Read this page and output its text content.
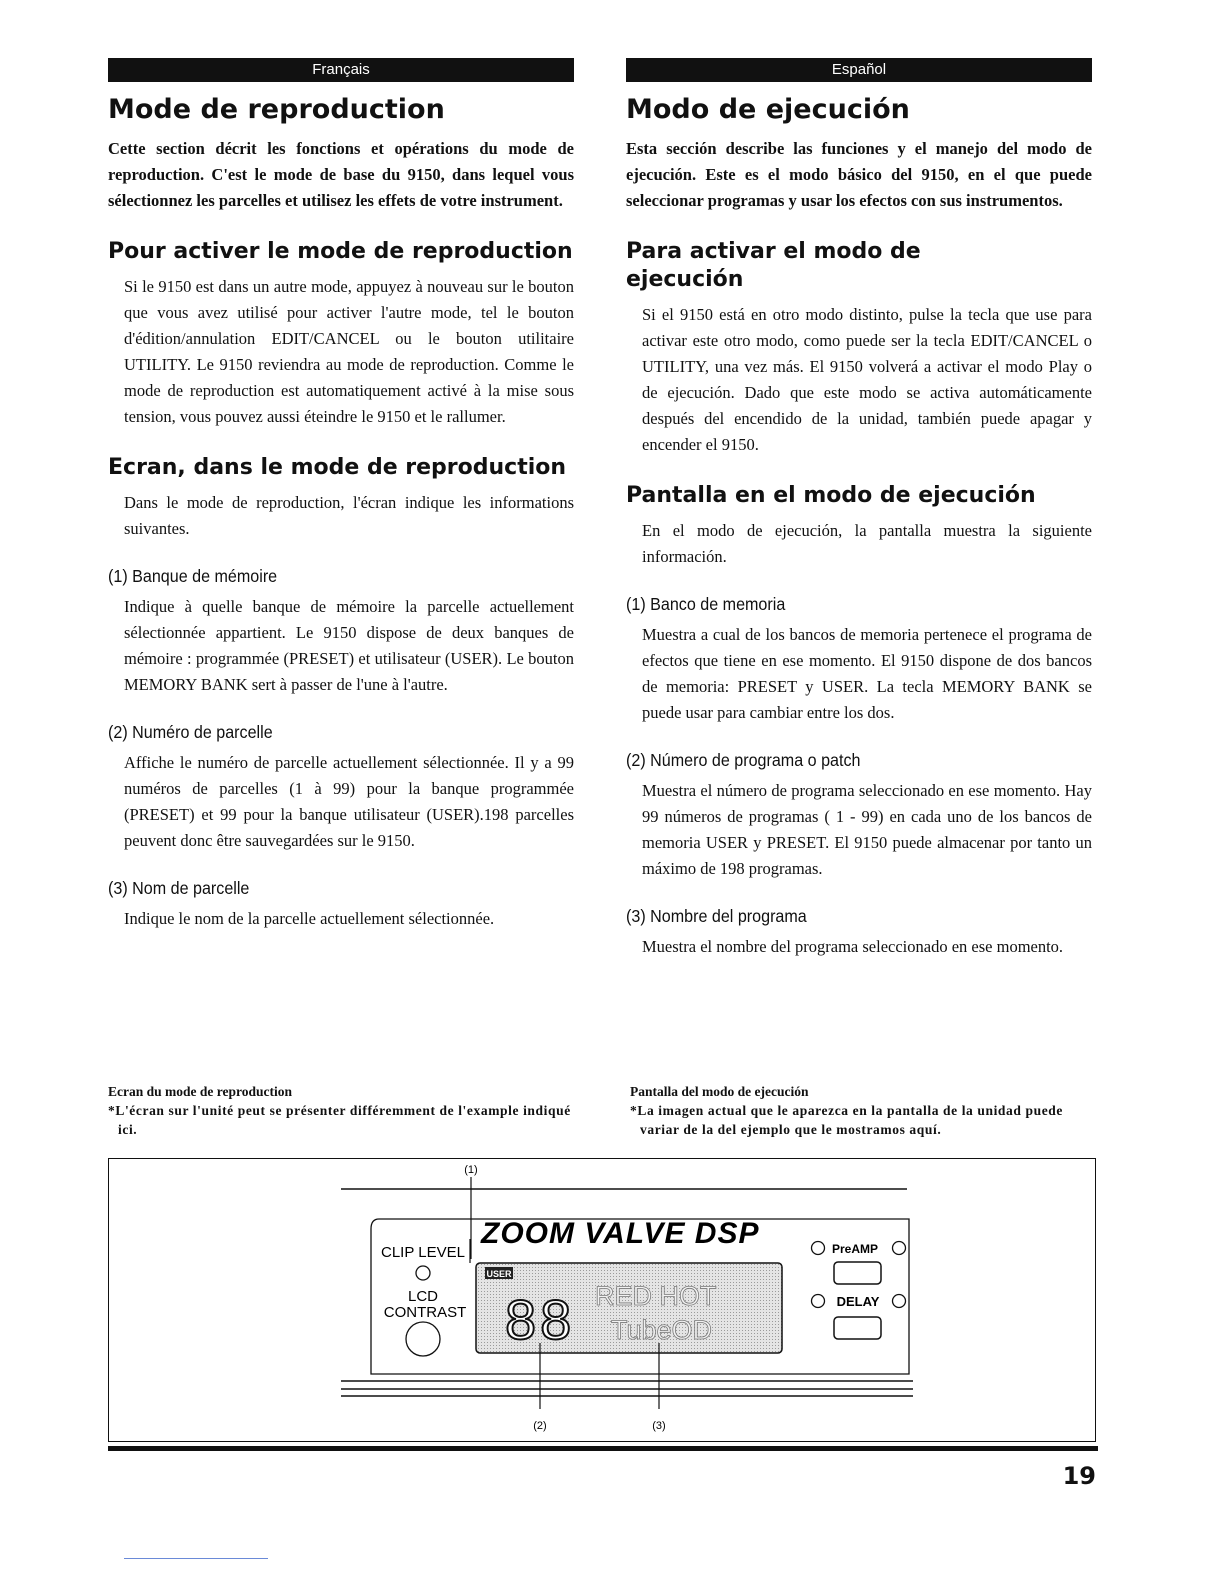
Français
Mode de reproduction

Cette section décrit les fonctions et opérations du mode de reproduction. C'est le mode de base du 9150, dans lequel vous sélectionnez les parcelles et utilisez les effets de votre instrument.

Pour activer le mode de reproduction

Si le 9150 est dans un autre mode, appuyez à nouveau sur le bouton que vous avez utilisé pour activer l'autre mode, tel le bouton d'édition/annulation EDIT/CANCEL ou le bouton utilitaire UTILITY. Le 9150 reviendra au mode de reproduction. Comme le mode de reproduction est automatiquement activé à la mise sous tension, vous pouvez aussi éteindre le 9150 et le rallumer.

Ecran, dans le mode de reproduction

Dans le mode de reproduction, l'écran indique les informations suivantes.

(1) Banque de mémoire

Indique à quelle banque de mémoire la parcelle actuellement sélectionnée appartient. Le 9150 dispose de deux banques de mémoire : programmée (PRESET) et utilisateur (USER). Le bouton MEMORY BANK sert à passer de l'une à l'autre.

(2) Numéro de parcelle

Affiche le numéro de parcelle actuellement sélectionnée. Il y a 99 numéros de parcelles (1 à 99) pour la banque programmée (PRESET) et 99 pour la banque utilisateur (USER).198 parcelles peuvent donc être sauvegardées sur le 9150.

(3) Nom de parcelle

Indique le nom de la parcelle actuellement sélectionnée.

Español
Modo de ejecución

Esta sección describe las funciones y el manejo del modo de ejecución. Este es el modo básico del 9150, en el que puede seleccionar programas y usar los efectos con sus instrumentos.

Para activar el modo de ejecución

Si el 9150 está en otro modo distinto, pulse la tecla que use para activar este otro modo, como puede ser la tecla EDIT/CANCEL o UTILITY, una vez más. El 9150 volverá a activar el modo Play o de ejecución. Dado que este modo se activa automáticamente después del encendido de la unidad, también puede apagar y encender el 9150.

Pantalla en el modo de ejecución

En el modo de ejecución, la pantalla muestra la siguiente información.

(1) Banco de memoria

Muestra a cual de los bancos de memoria pertenece el programa de efectos que tiene en ese momento. El 9150 dispone de dos bancos de memoria: PRESET y USER. La tecla MEMORY BANK se puede usar para cambiar entre los dos.

(2) Número de programa o patch

Muestra el número de programa seleccionado en ese momento. Hay 99 números de programas ( 1 - 99) en cada uno de los bancos de memoria USER y PRESET. El 9150 puede almacenar por tanto un máximo de 198 programas.

(3) Nombre del programa

Muestra el nombre del programa seleccionado en ese momento.

Ecran du mode de reproduction
*L'écran sur l'unité peut se présenter différemment de l'example indiqué ici.
Pantalla del modo de ejecución
*La imagen actual que le aparezca en la pantalla de la unidad puede variar de la del ejemplo que le mostramos aquí.
(1)
ZOOM VALVE DSP
CLIP LEVEL
LCD
CONTRAST
USER
88 RED HOT
TubeOD
(2)	(3)
PreAMP
DELAY
19
